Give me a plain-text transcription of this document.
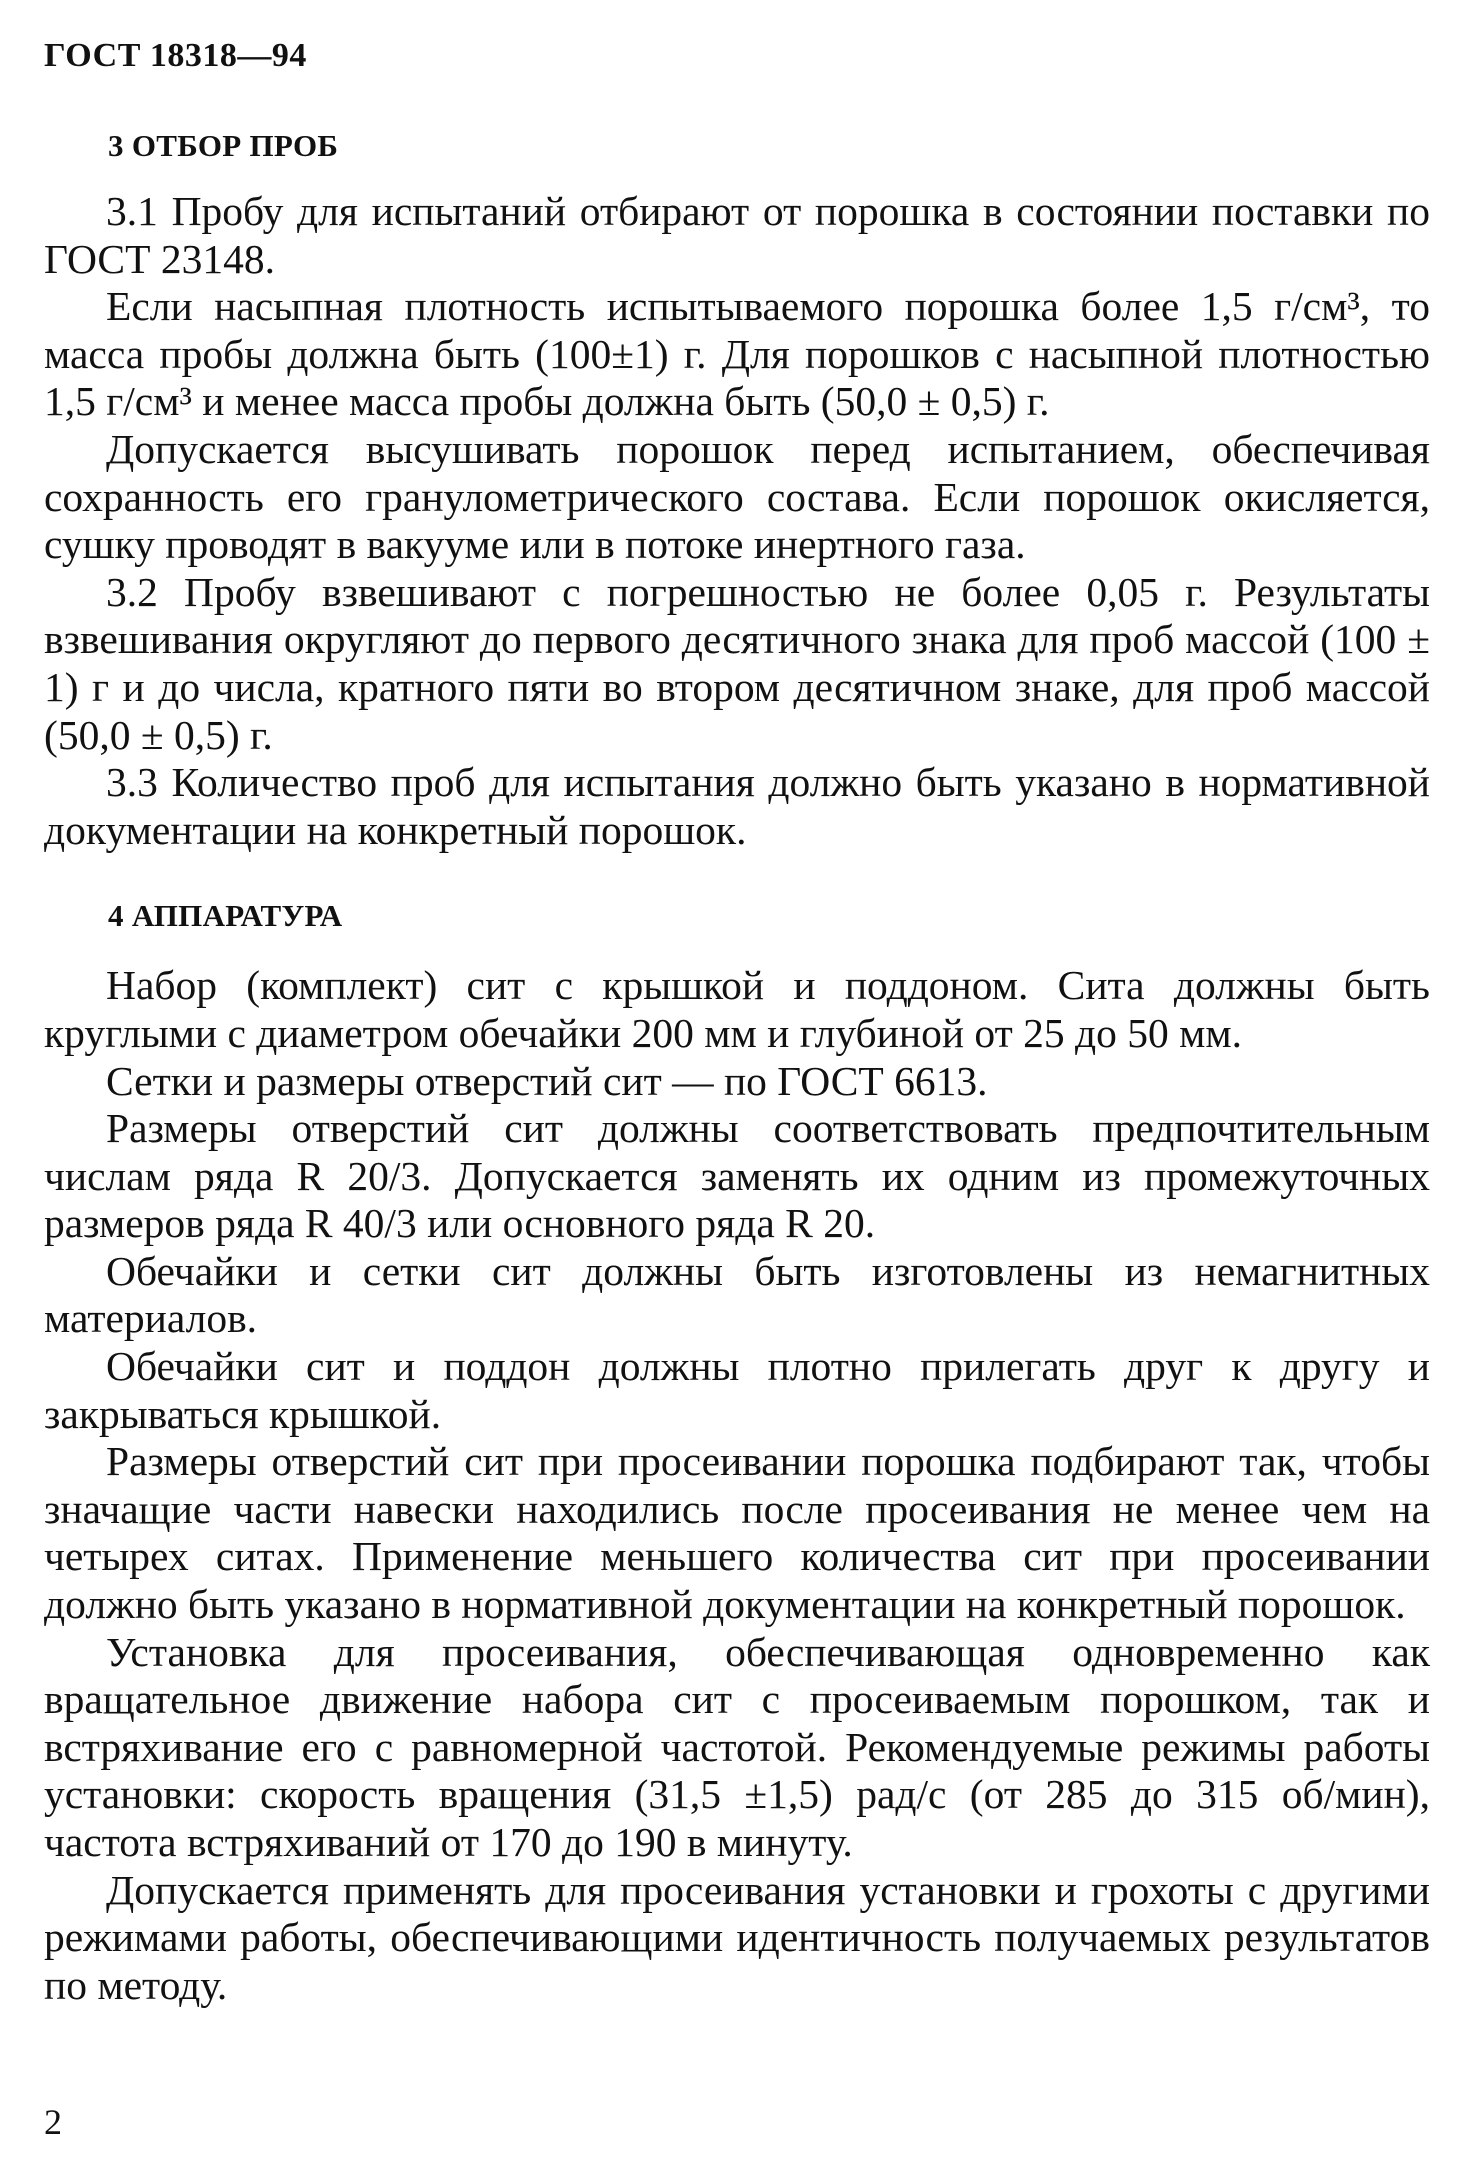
ГОСТ 18318—94
3 ОТБОР ПРОБ

3.1 Пробу для испытаний отбирают от порошка в состоянии поставки по ГОСТ 23148.

Если насыпная плотность испытываемого порошка более 1,5 г/см³, то масса пробы должна быть (100±1) г. Для порошков с насыпной плотностью 1,5 г/см³ и менее масса пробы должна быть (50,0 ± 0,5) г.

Допускается высушивать порошок перед испытанием, обеспечивая сохранность его гранулометрического состава. Если порошок окисляется, сушку проводят в вакууме или в потоке инертного газа.

3.2 Пробу взвешивают с погрешностью не более 0,05 г. Результаты взвешивания округляют до первого десятичного знака для проб массой (100 ± 1) г и до числа, кратного пяти во втором десятичном знаке, для проб массой (50,0 ± 0,5) г.

3.3 Количество проб для испытания должно быть указано в нормативной документации на конкретный порошок.

4 АППАРАТУРА

Набор (комплект) сит с крышкой и поддоном. Сита должны быть круглыми с диаметром обечайки 200 мм и глубиной от 25 до 50 мм.

Сетки и размеры отверстий сит — по ГОСТ 6613.

Размеры отверстий сит должны соответствовать предпочтительным числам ряда R 20/3. Допускается заменять их одним из промежуточных размеров ряда R 40/3 или основного ряда R 20.

Обечайки и сетки сит должны быть изготовлены из немагнитных материалов.

Обечайки сит и поддон должны плотно прилегать друг к другу и закрываться крышкой.

Размеры отверстий сит при просеивании порошка подбирают так, чтобы значащие части навески находились после просеивания не менее чем на четырех ситах. Применение меньшего количества сит при просеивании должно быть указано в нормативной документации на конкретный порошок.

Установка для просеивания, обеспечивающая одновременно как вращательное движение набора сит с просеиваемым порошком, так и встряхивание его с равномерной частотой. Рекомендуемые режимы работы установки: скорость вращения (31,5 ±1,5) рад/с (от 285 до 315 об/мин), частота встряхиваний от 170 до 190 в минуту.

Допускается применять для просеивания установки и грохоты с другими режимами работы, обеспечивающими идентичность получаемых результатов по методу.

2
